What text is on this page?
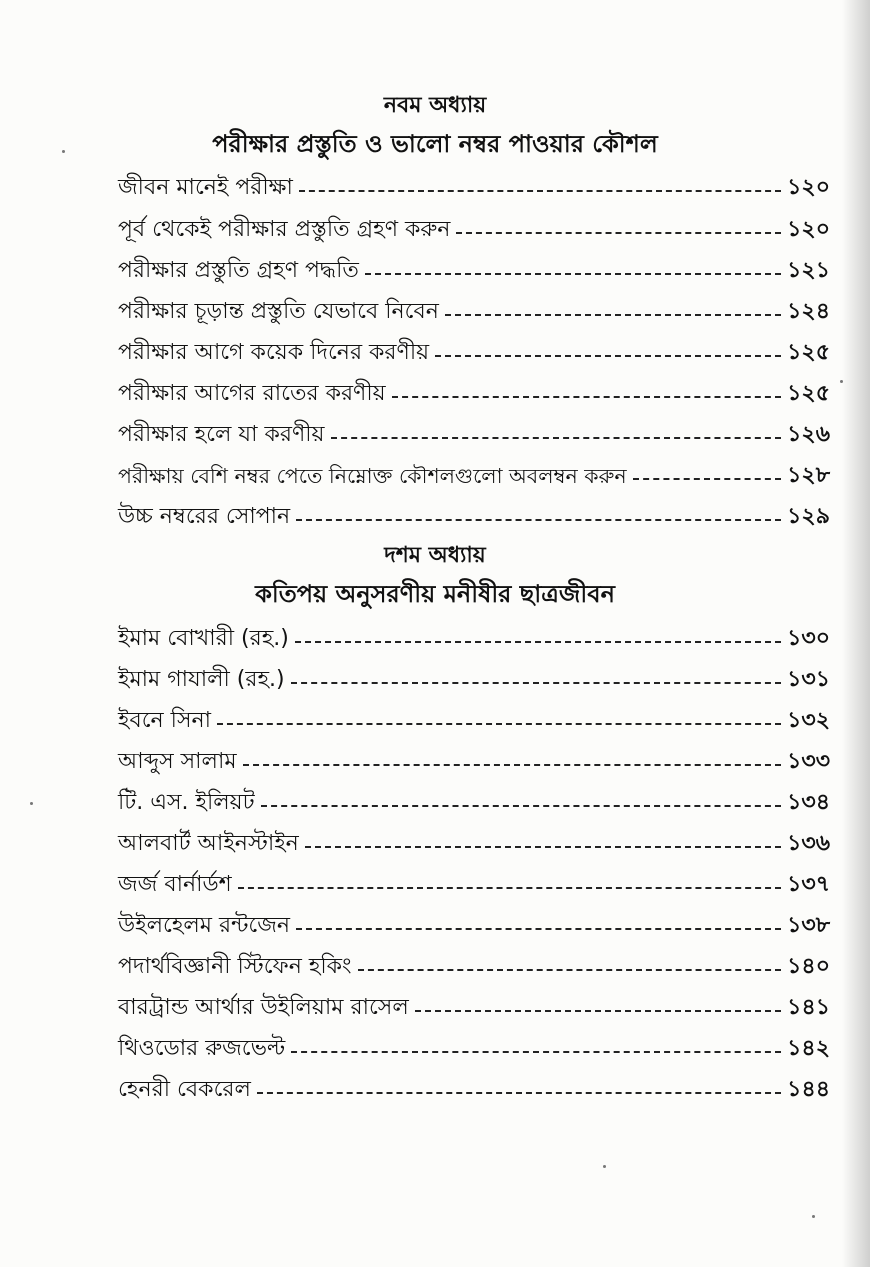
নবম অধ্যায়
পরীক্ষার প্রস্তুতি ও ভালো নম্বর পাওয়ার কৌশল
জীবন মানেই পরীক্ষা	১২০
পূর্ব থেকেই পরীক্ষার প্রস্তুতি গ্রহণ করুন	১২০
পরীক্ষার প্রস্তুতি গ্রহণ পদ্ধতি	১২১
পরীক্ষার চূড়ান্ত প্রস্তুতি যেভাবে নিবেন	১২৪
পরীক্ষার আগে কয়েক দিনের করণীয়	১২৫
পরীক্ষার আগের রাতের করণীয়	১২৫
পরীক্ষার হলে যা করণীয়	১২৬
পরীক্ষায় বেশি নম্বর পেতে নিম্নোক্ত কৌশলগুলো অবলম্বন করুন	১২৮
উচ্চ নম্বরের সোপান	১২৯
দশম অধ্যায়
কতিপয় অনুসরণীয় মনীষীর ছাত্রজীবন
ইমাম বোখারী (রহ.)	১৩০
ইমাম গাযালী (রহ.)	১৩১
ইবনে সিনা	১৩২
আব্দুস সালাম	১৩৩
টি. এস. ইলিয়ট	১৩৪
আলবার্ট আইনস্টাইন	১৩৬
জর্জ বার্নার্ডশ	১৩৭
উইলহেলম রন্টজেন	১৩৮
পদার্থবিজ্ঞানী স্টিফেন হকিং	১৪০
বারট্রান্ড আর্থার উইলিয়াম রাসেল	১৪১
থিওডোর রুজভেল্ট	১৪২
হেনরী বেকরেল	১৪৪
